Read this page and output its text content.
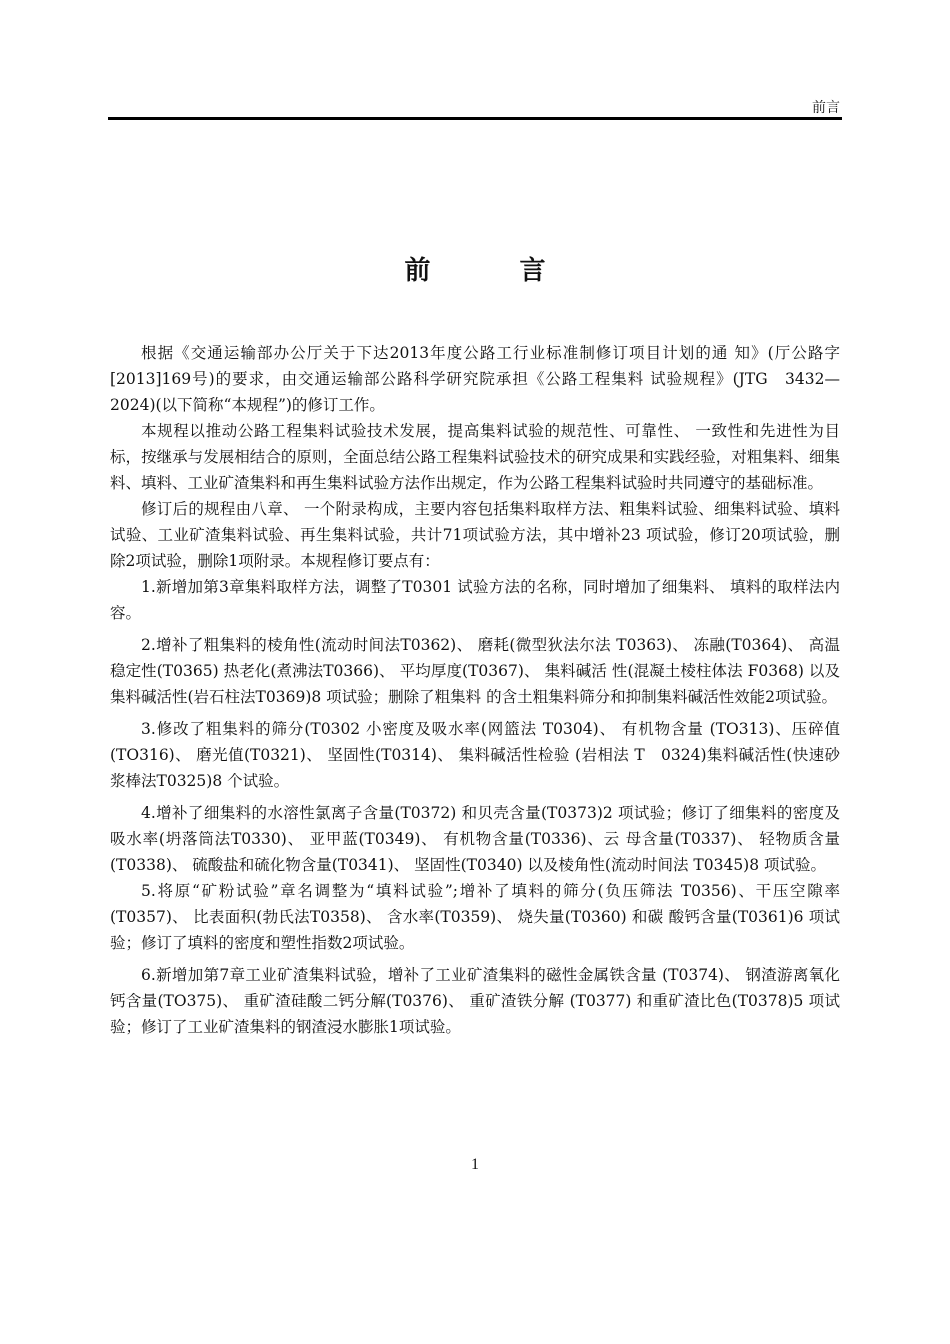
前言
前 言

根据《交通运输部办公厅关于下达2013年度公路工行业标准制修订项目计划的通 知》(厅公路字[2013]169号)的要求，由交通运输部公路科学研究院承担《公路工程集料 试验规程》(JTG　3432—2024)(以下简称“本规程”)的修订工作。

本规程以推动公路工程集料试验技术发展，提高集料试验的规范性、可靠性、 一致性和先进性为目标，按继承与发展相结合的原则，全面总结公路工程集料试验技术的研究成果和实践经验，对粗集料、细集料、填料、工业矿渣集料和再生集料试验方法作出规定，作为公路工程集料试验时共同遵守的基础标准。

修订后的规程由八章、 一个附录构成，主要内容包括集料取样方法、粗集料试验、细集料试验、填料试验、工业矿渣集料试验、再生集料试验，共计71项试验方法，其中增补23 项试验，修订20项试验，删除2项试验，删除1项附录。本规程修订要点有：

1.新增加第3章集料取样方法，调整了T0301 试验方法的名称，同时增加了细集料、 填料的取样法内容。

2.增补了粗集料的棱角性(流动时间法T0362)、 磨耗(微型狄法尔法 T0363)、 冻融(T0364)、 高温稳定性(T0365) 热老化(煮沸法T0366)、 平均厚度(T0367)、 集料碱活 性(混凝土棱柱体法 F0368) 以及集料碱活性(岩石柱法T0369)8 项试验；删除了粗集料 的含土粗集料筛分和抑制集料碱活性效能2项试验。

3.修改了粗集料的筛分(T0302 小密度及吸水率(网篮法 T0304)、 有机物含量 (TO313)、压碎值(TO316)、 磨光值(T0321)、 坚固性(T0314)、 集料碱活性检验 (岩相法 T　0324)集料碱活性(快速砂浆棒法T0325)8 个试验。

4.增补了细集料的水溶性氯离子含量(T0372) 和贝壳含量(T0373)2 项试验；修订了细集料的密度及吸水率(坍落筒法T0330)、 亚甲蓝(T0349)、 有机物含量(T0336)、云 母含量(T0337)、 轻物质含量(T0338)、 硫酸盐和硫化物含量(T0341)、 坚固性(T0340) 以及棱角性(流动时间法 T0345)8 项试验。

5.将原“矿粉试验”章名调整为“填料试验”;增补了填料的筛分(负压筛法 T0356)、干压空隙率(T0357)、 比表面积(勃氏法T0358)、 含水率(T0359)、 烧失量(T0360) 和碳 酸钙含量(T0361)6 项试验；修订了填料的密度和塑性指数2项试验。

6.新增加第7章工业矿渣集料试验，增补了工业矿渣集料的磁性金属铁含量 (T0374)、 钢渣游离氧化钙含量(TO375)、 重矿渣硅酸二钙分解(T0376)、 重矿渣铁分解 (T0377) 和重矿渣比色(T0378)5 项试验；修订了工业矿渣集料的钢渣浸水膨胀1项试验。

1
